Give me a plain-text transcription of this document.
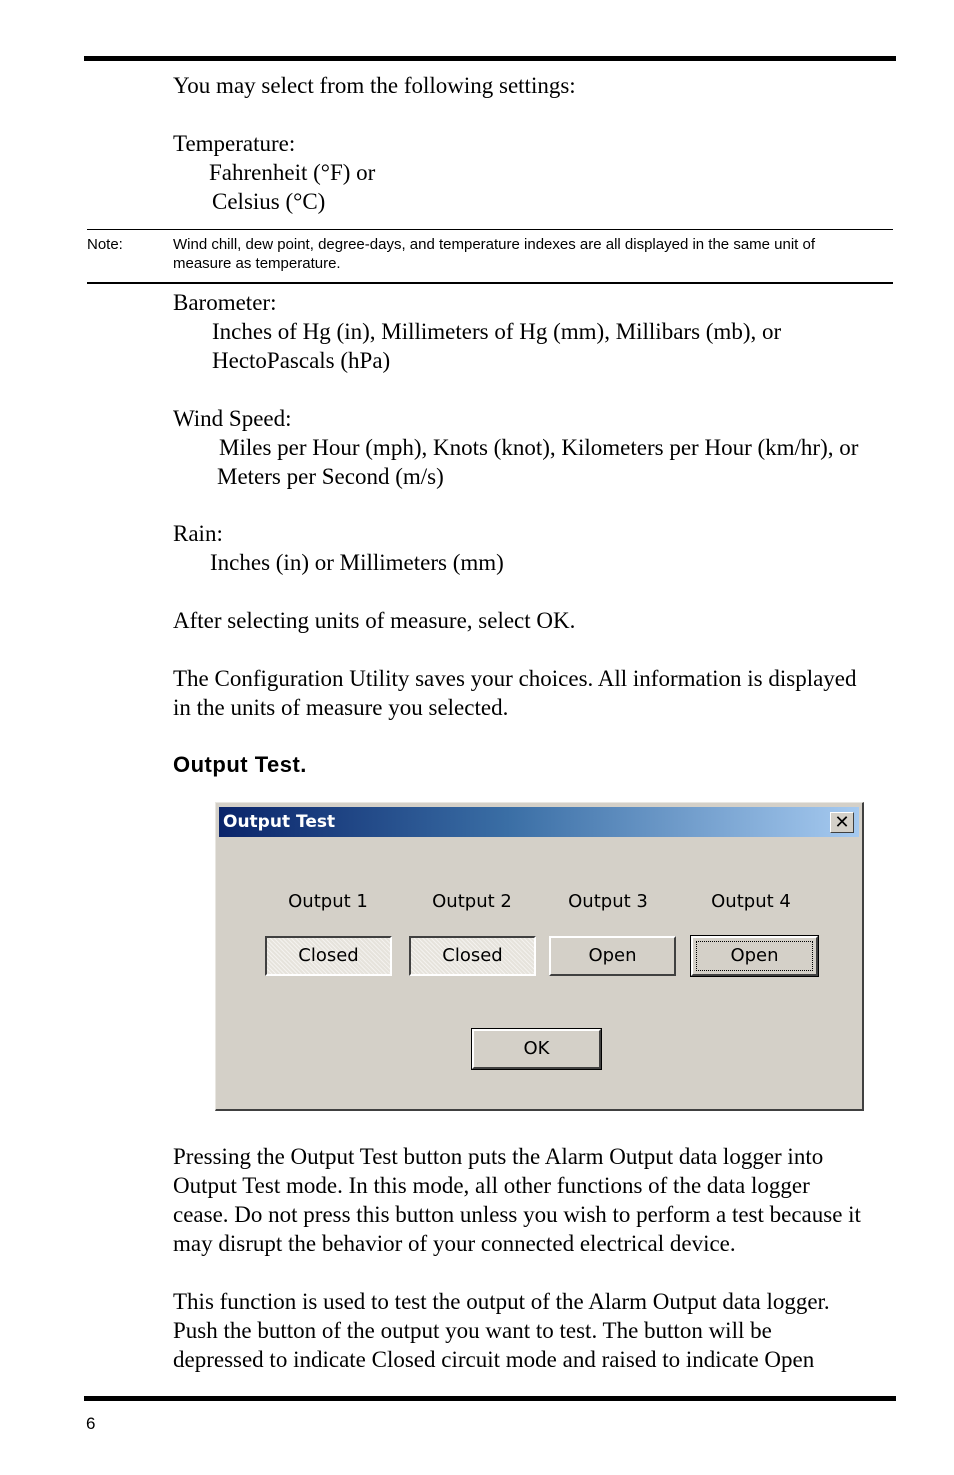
You may select from the following settings:
Temperature:
Fahrenheit (°F) or
Celsius (°C)
Note:	Wind chill, dew point, degree-days, and temperature indexes are all displayed in the same unit of
measure as temperature.
Barometer:
Inches of Hg (in), Millimeters of Hg (mm), Millibars (mb), or
HectoPascals (hPa)
Wind Speed:
Miles per Hour (mph), Knots (knot), Kilometers per Hour (km/hr), or
Meters per Second (m/s)
Rain:
Inches (in) or Millimeters (mm)
After selecting units of measure, select OK.
The Configuration Utility saves your choices. All information is displayed
in the units of measure you selected.
Output Test.
Output Test	✕
Output 1	Output 2	Output 3	Output 4
Closed	Closed	Open	Open
OK
Pressing the Output Test button puts the Alarm Output data logger into
Output Test mode. In this mode, all other functions of the data logger
cease. Do not press this button unless you wish to perform a test because it
may disrupt the behavior of your connected electrical device.
This function is used to test the output of the Alarm Output data logger.
Push the button of the output you want to test. The button will be
depressed to indicate Closed circuit mode and raised to indicate Open
6
